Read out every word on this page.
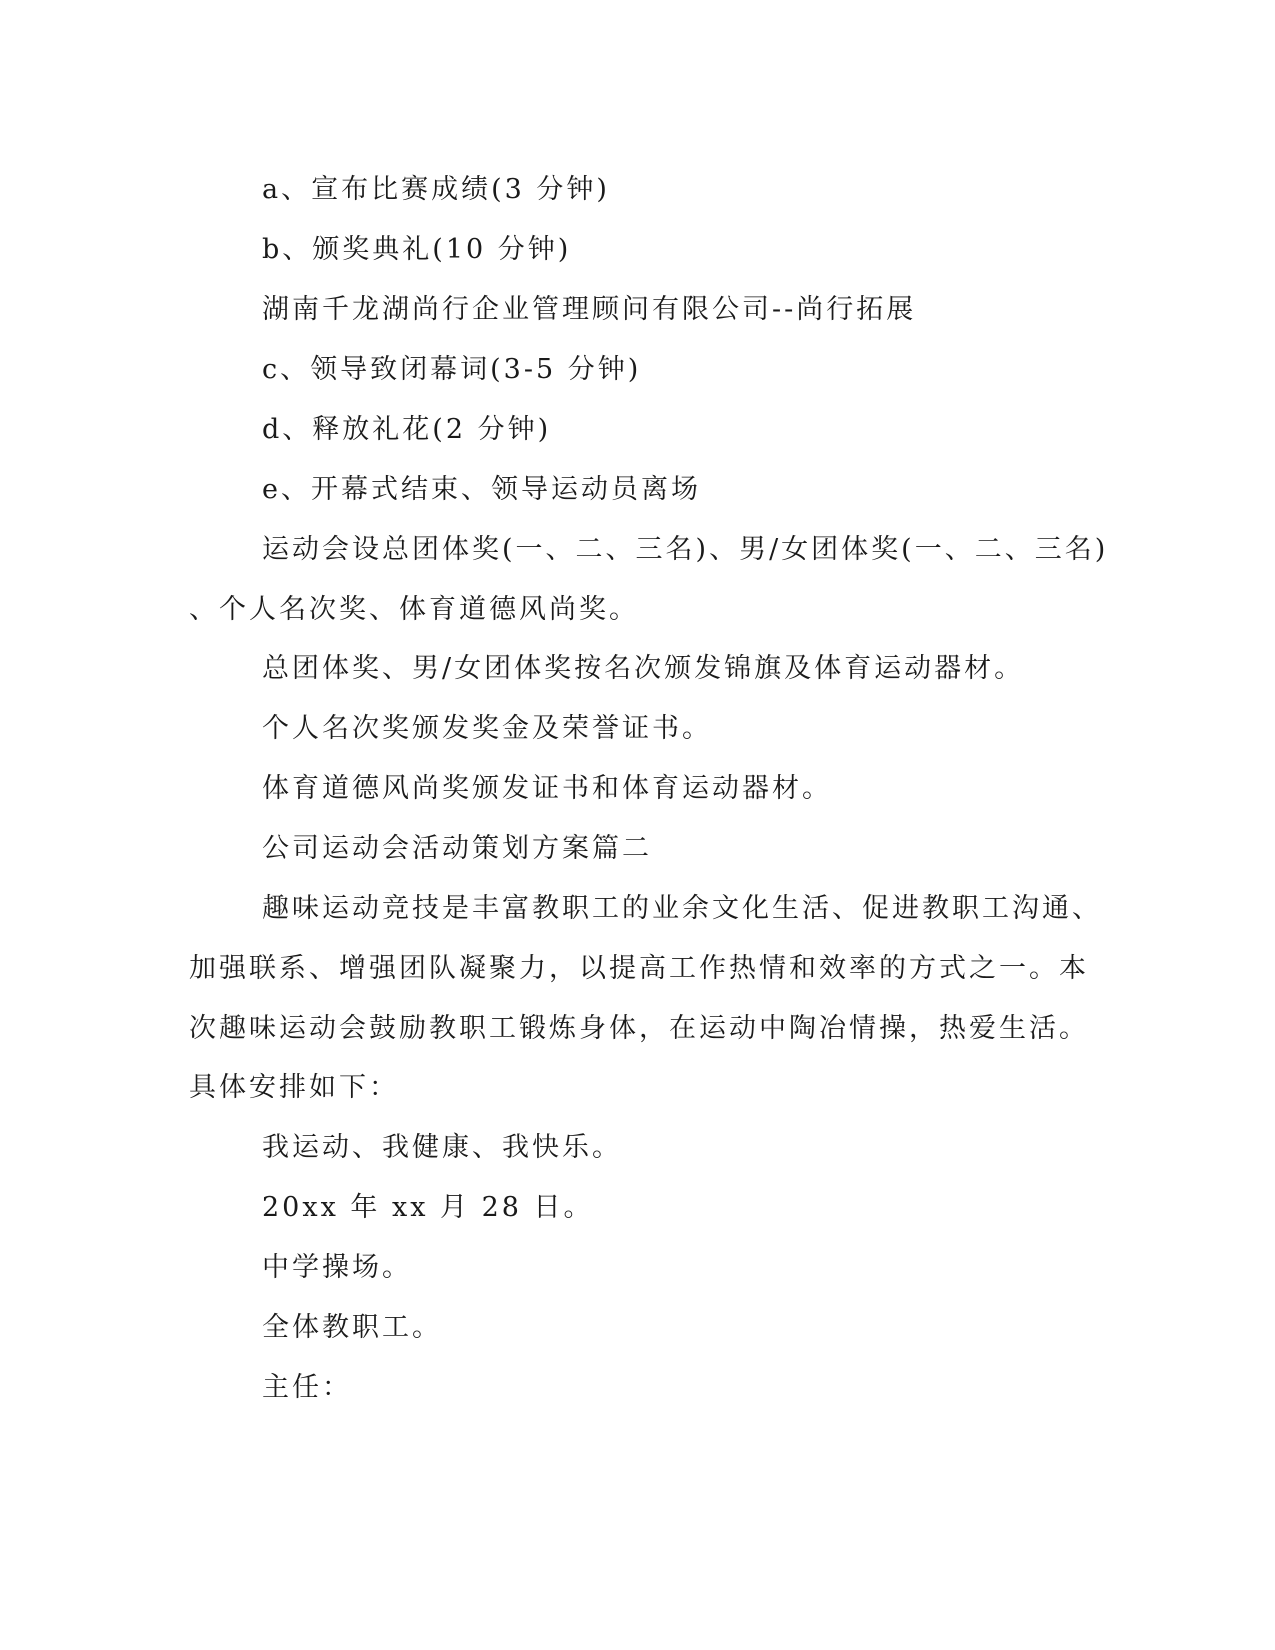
a、宣布比赛成绩(3 分钟)
b、颁奖典礼(10 分钟)
湖南千龙湖尚行企业管理顾问有限公司--尚行拓展
c、领导致闭幕词(3-5 分钟)
d、释放礼花(2 分钟)
e、开幕式结束、领导运动员离场
运动会设总团体奖(一、二、三名)、男/女团体奖(一、二、三名)
、个人名次奖、体育道德风尚奖。
总团体奖、男/女团体奖按名次颁发锦旗及体育运动器材。
个人名次奖颁发奖金及荣誉证书。
体育道德风尚奖颁发证书和体育运动器材。
公司运动会活动策划方案篇二
趣味运动竞技是丰富教职工的业余文化生活、促进教职工沟通、
加强联系、增强团队凝聚力，以提高工作热情和效率的方式之一。本
次趣味运动会鼓励教职工锻炼身体，在运动中陶冶情操，热爱生活。
具体安排如下：
我运动、我健康、我快乐。
20xx 年 xx 月 28 日。
中学操场。
全体教职工。
主任：
